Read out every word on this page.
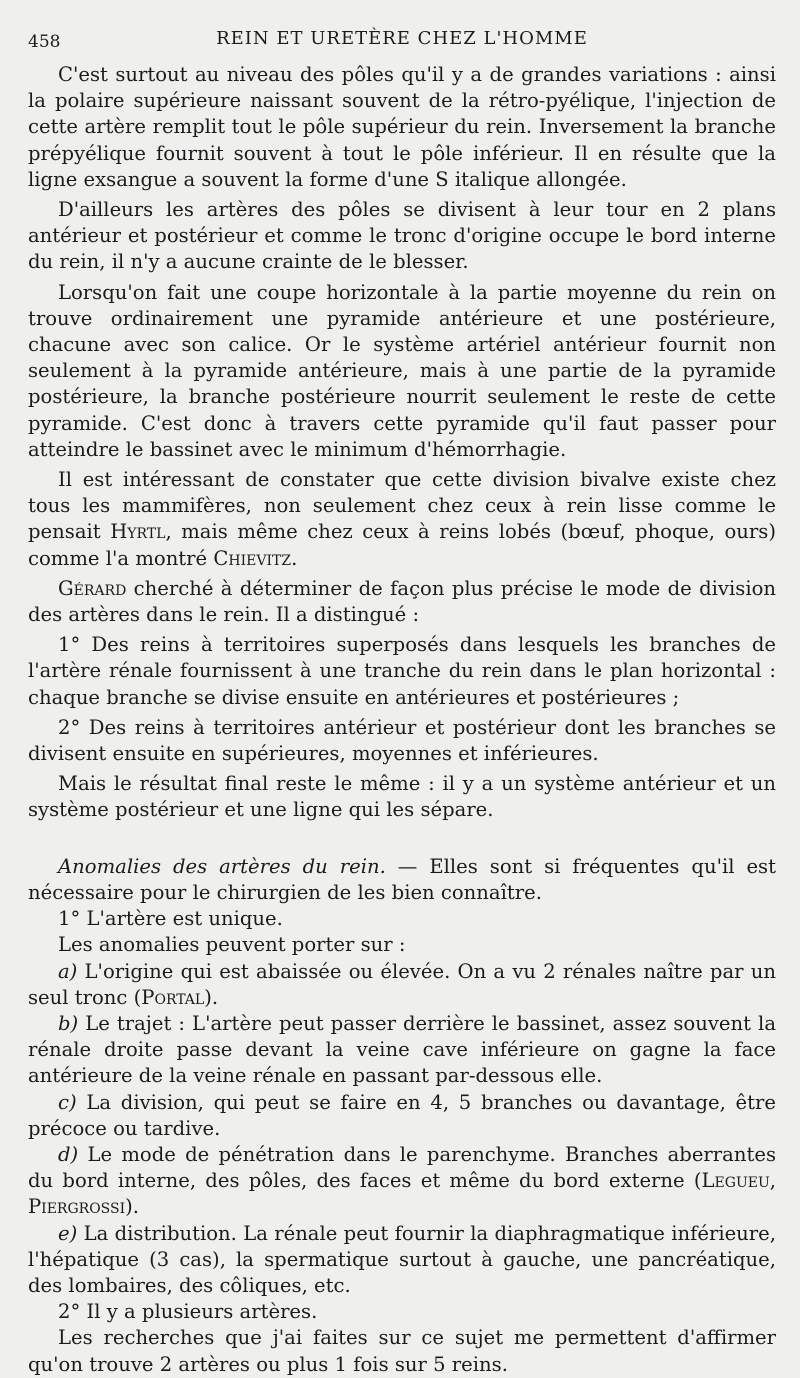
458	REIN ET URETÈRE CHEZ L'HOMME

C'est surtout au niveau des pôles qu'il y a de grandes variations : ainsi la polaire supérieure naissant souvent de la rétro-pyélique, l'injection de cette artère remplit tout le pôle supérieur du rein. Inversement la branche prépyélique fournit souvent à tout le pôle inférieur. Il en résulte que la ligne exsangue a souvent la forme d'une S italique allongée.

D'ailleurs les artères des pôles se divisent à leur tour en 2 plans antérieur et postérieur et comme le tronc d'origine occupe le bord interne du rein, il n'y a aucune crainte de le blesser.

Lorsqu'on fait une coupe horizontale à la partie moyenne du rein on trouve ordinairement une pyramide antérieure et une postérieure, chacune avec son calice. Or le système artériel antérieur fournit non seulement à la pyramide antérieure, mais à une partie de la pyramide postérieure, la branche postérieure nourrit seulement le reste de cette pyramide. C'est donc à travers cette pyramide qu'il faut passer pour atteindre le bassinet avec le minimum d'hémorrhagie.

Il est intéressant de constater que cette division bivalve existe chez tous les mammifères, non seulement chez ceux à rein lisse comme le pensait Hyrtl, mais même chez ceux à reins lobés (bœuf, phoque, ours) comme l'a montré Chievitz.

Gérard cherché à déterminer de façon plus précise le mode de division des artères dans le rein. Il a distingué :

1° Des reins à territoires superposés dans lesquels les branches de l'artère rénale fournissent à une tranche du rein dans le plan horizontal : chaque branche se divise ensuite en antérieures et postérieures ;

2° Des reins à territoires antérieur et postérieur dont les branches se divisent ensuite en supérieures, moyennes et inférieures.

Mais le résultat final reste le même : il y a un système antérieur et un système postérieur et une ligne qui les sépare.

Anomalies des artères du rein. — Elles sont si fréquentes qu'il est nécessaire pour le chirurgien de les bien connaître.

1° L'artère est unique.

Les anomalies peuvent porter sur :

a) L'origine qui est abaissée ou élevée. On a vu 2 rénales naître par un seul tronc (Portal).

b) Le trajet : L'artère peut passer derrière le bassinet, assez souvent la rénale droite passe devant la veine cave inférieure on gagne la face antérieure de la veine rénale en passant par-dessous elle.

c) La division, qui peut se faire en 4, 5 branches ou davantage, être précoce ou tardive.

d) Le mode de pénétration dans le parenchyme. Branches aberrantes du bord interne, des pôles, des faces et même du bord externe (Legueu, Piergrossi).

e) La distribution. La rénale peut fournir la diaphragmatique inférieure, l'hépatique (3 cas), la spermatique surtout à gauche, une pancréatique, des lombaires, des côliques, etc.

2° Il y a plusieurs artères.

Les recherches que j'ai faites sur ce sujet me permettent d'affirmer qu'on trouve 2 artères ou plus 1 fois sur 5 reins.
